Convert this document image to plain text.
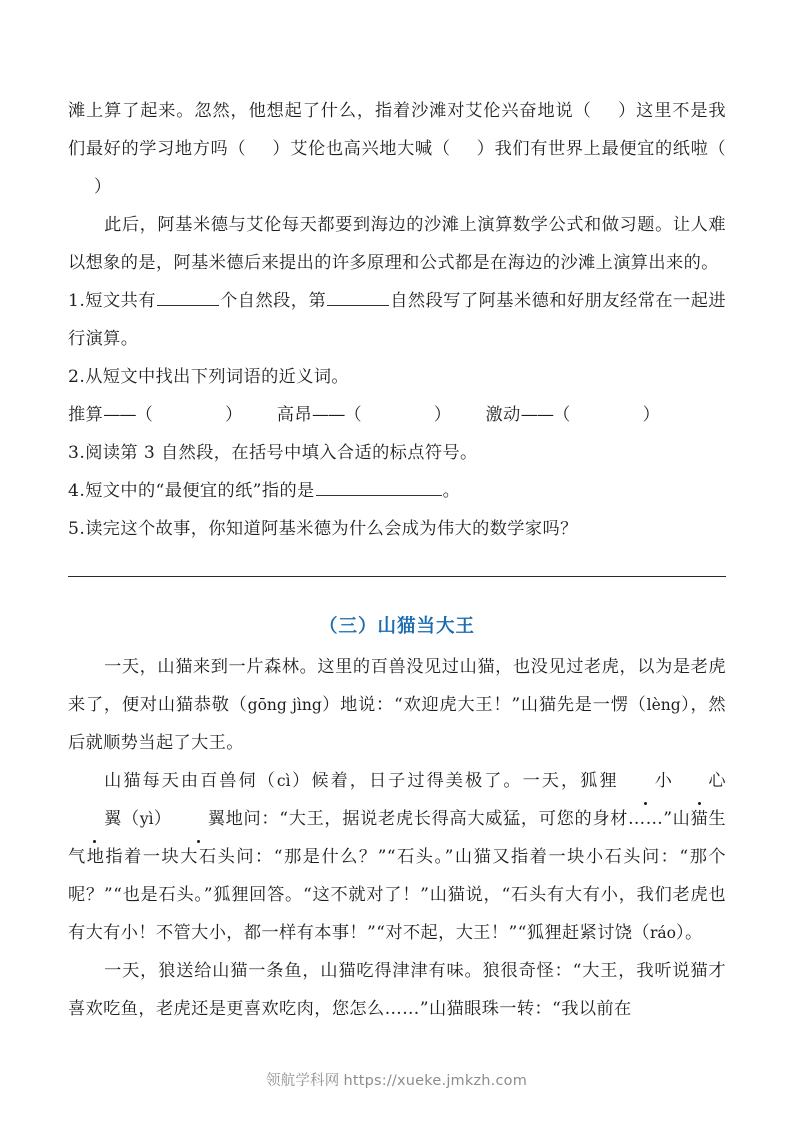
滩上算了起来。忽然，他想起了什么，指着沙滩对艾伦兴奋地说（ ）这里不是我们最好的学习地方吗（ ）艾伦也高兴地大喊（ ）我们有世界上最便宜的纸啦（）

此后，阿基米德与艾伦每天都要到海边的沙滩上演算数学公式和做习题。让人难以想象的是，阿基米德后来提出的许多原理和公式都是在海边的沙滩上演算出来的。

1.短文共有	个自然段，第	自然段写了阿基米德和好朋友经常在一起进行演算。

2.从短文中找出下列词语的近义词。

推算——（	） 高昂——（	） 激动——（	）

3.阅读第 3 自然段，在括号中填入合适的标点符号。

4.短文中的“最便宜的纸”指的是	。

5.读完这个故事，你知道阿基米德为什么会成为伟大的数学家吗？

（三）山猫当大王

一天，山猫来到一片森林。这里的百兽没见过山猫，也没见过老虎，以为是老虎来了，便对山猫恭敬（gōng jìng）地说：“欢迎虎大王！”山猫先是一愣（lèng），然后就顺势当起了大王。

山猫每天由百兽伺（cì）候着，日子过得美极了。一天，狐狸 小 心翼（yì） 翼地问：“大王，据说老虎长得高大威猛，可您的身材……”山猫生气地指着一块大石头问：“那是什么？”“石头。”山猫又指着一块小石头问：“那个呢？”“也是石头。”狐狸回答。“这不就对了！”山猫说，“石头有大有小，我们老虎也有大有小！不管大小，都一样有本事！”“对不起，大王！”“狐狸赶紧讨饶（ráo）。

一天，狼送给山猫一条鱼，山猫吃得津津有味。狼很奇怪：“大王，我听说猫才喜欢吃鱼，老虎还是更喜欢吃肉，您怎么……”山猫眼珠一转：“我以前在

领航学科网 https://xueke.jmkzh.com
